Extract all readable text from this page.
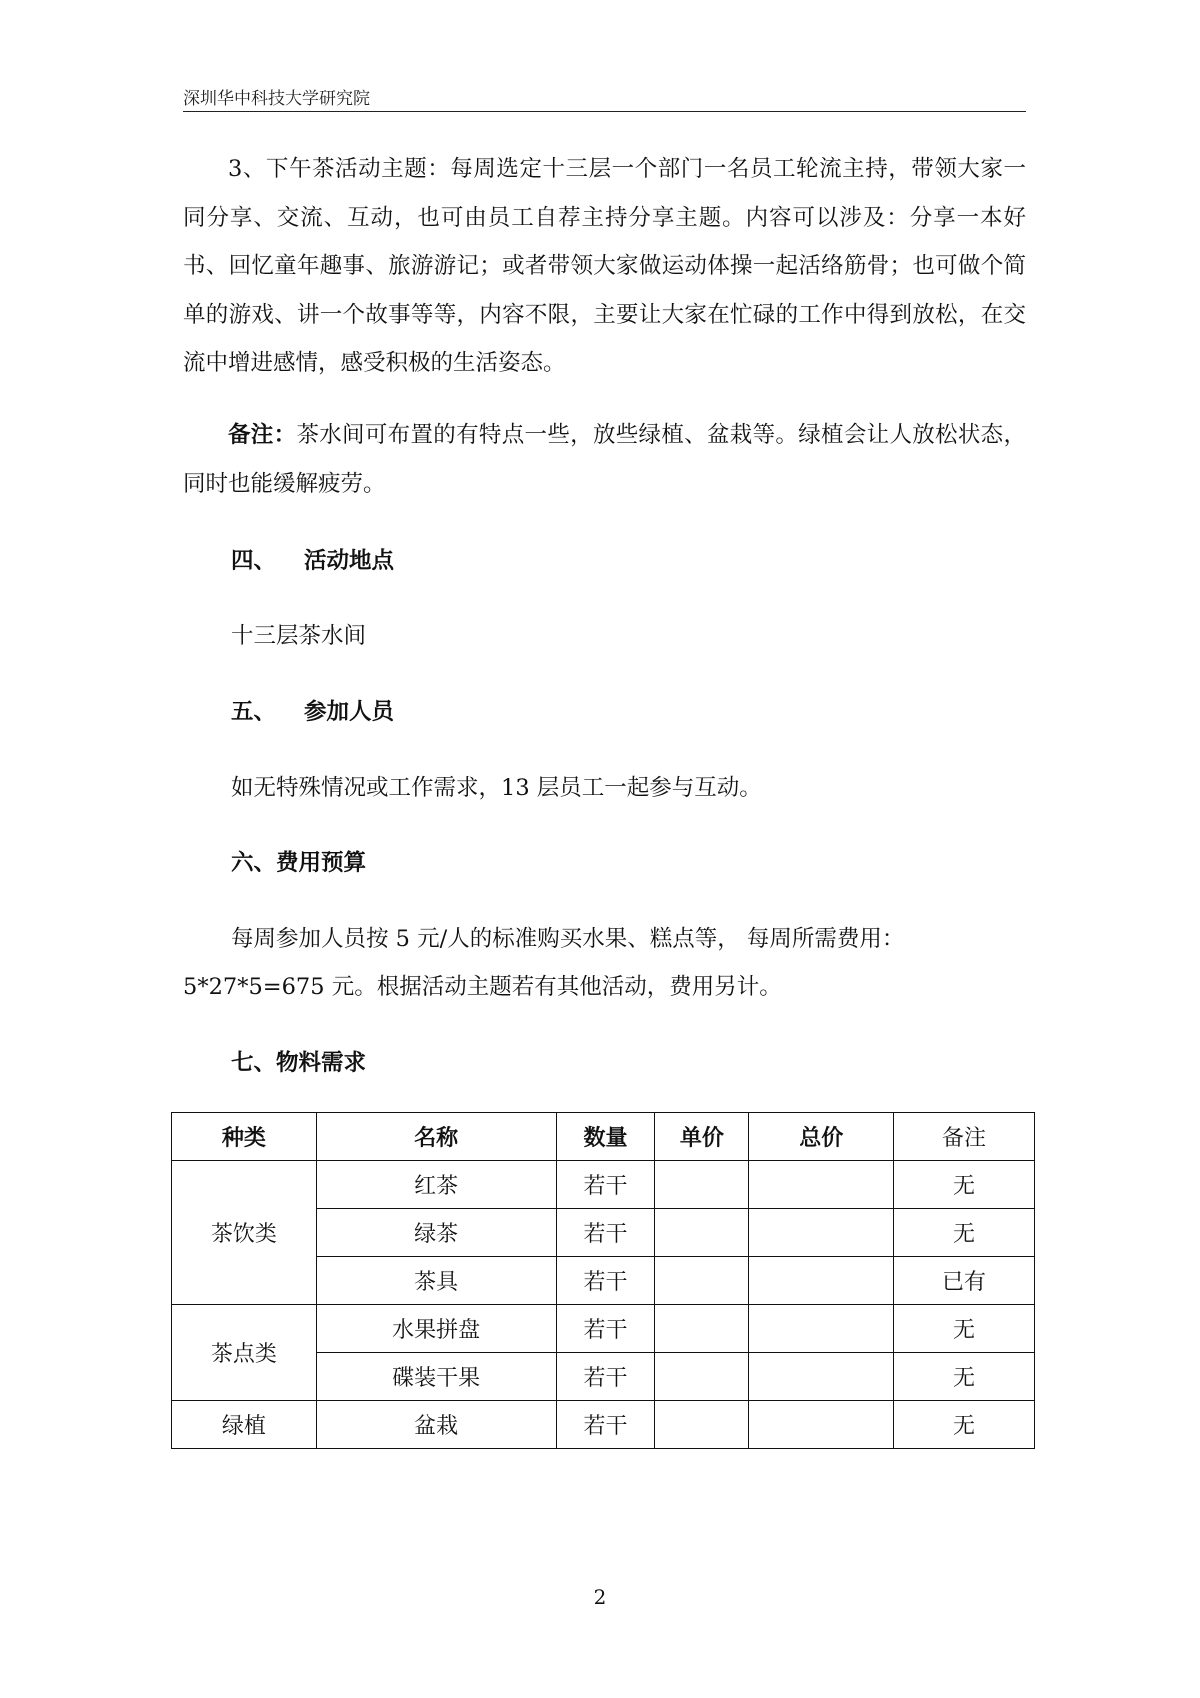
深圳华中科技大学研究院

3、下午茶活动主题：每周选定十三层一个部门一名员工轮流主持，带领大家一同分享、交流、互动，也可由员工自荐主持分享主题。内容可以涉及：分享一本好书、回忆童年趣事、旅游游记；或者带领大家做运动体操一起活络筋骨；也可做个简单的游戏、讲一个故事等等，内容不限，主要让大家在忙碌的工作中得到放松，在交流中增进感情，感受积极的生活姿态。

备注：茶水间可布置的有特点一些，放些绿植、盆栽等。绿植会让人放松状态，同时也能缓解疲劳。

四、 活动地点
十三层茶水间
五、 参加人员
如无特殊情况或工作需求，13 层员工一起参与互动。
六、费用预算
每周参加人员按 5 元/人的标准购买水果、糕点等， 每周所需费用：
5*27*5=675 元。根据活动主题若有其他活动，费用另计。
七、物料需求
种类	名称	数量	单价	总价	备注
茶饮类	红茶	若干			无
	绿茶	若干			无
	茶具	若干			已有
茶点类	水果拼盘	若干			无
	碟装干果	若干			无
绿植	盆栽	若干			无
2
